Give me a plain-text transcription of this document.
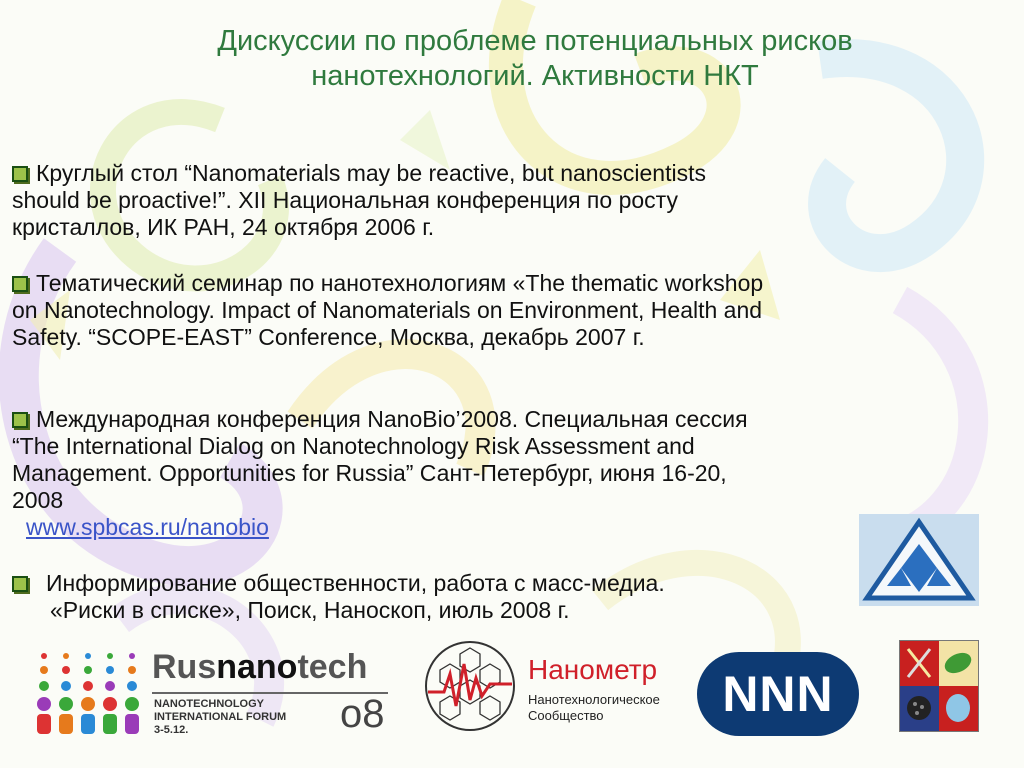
Дискуссии по проблеме потенциальных рисков
нанотехнологий. Активности НКТ
Круглый стол “Nanomaterials may be reactive, but nanoscientists
should be proactive!”. XII Национальная конференция по росту
кристаллов, ИК РАН, 24 октября 2006 г.
Тематический семинар по нанотехнологиям «The thematic workshop
on Nanotechnology. Impact of Nanomaterials on Environment, Health and
Safety. “SCOPE-EAST” Conference, Москва, декабрь 2007 г.
Международная конференция NanoBio’2008. Специальная сессия
“The International Dialog on Nanotechnology Risk Assessment and
Management. Opportunities for Russia” Сант-Петербург, июня 16-20,
2008
www.spbcas.ru/nanobio
Информирование общественности, работа с масс-медиа.
«Риски в списке», Поиск, Наноскоп, июль 2008 г.
Rusnanotech
NANOTECHNOLOGY
INTERNATIONAL FORUM
3-5.12.	o8
Нанометр
Нанотехнологическое
Сообщество	NNN
